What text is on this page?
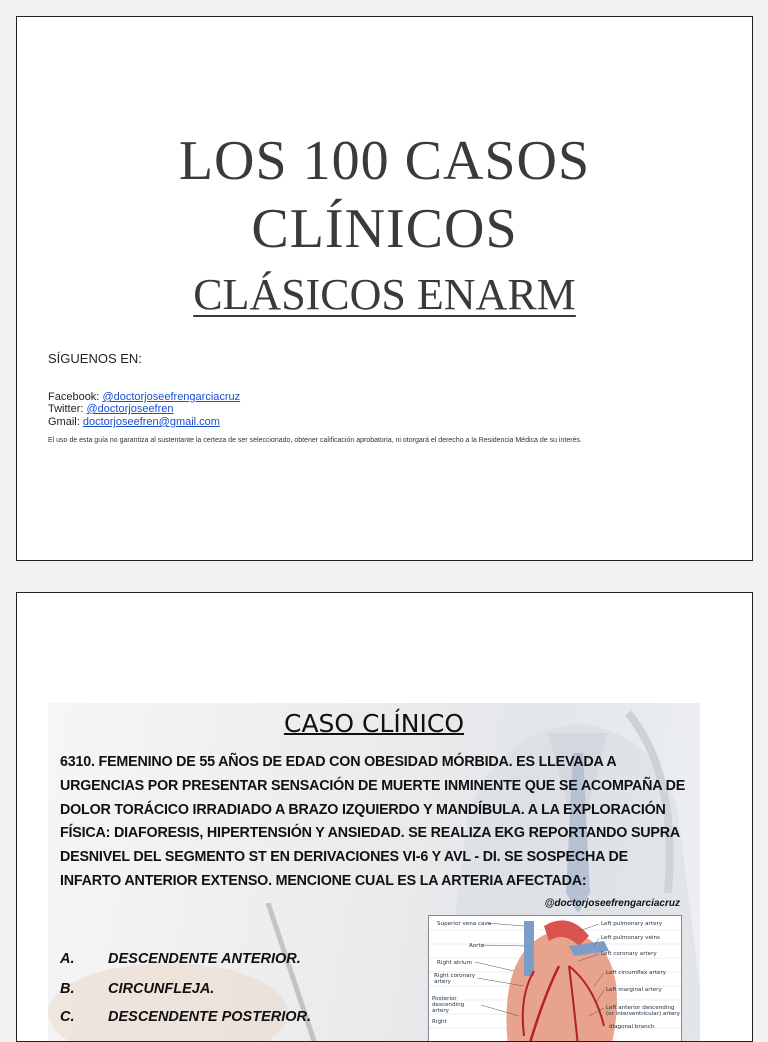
LOS 100 CASOS
CLÍNICOS
CLÁSICOS ENARM

SÍGUENOS EN:

Facebook: @doctorjoseefrengarciacruz

Twitter: @doctorjoseefren

Gmail: doctorjoseefren@gmail.com

El uso de esta guía no garantiza al sustentante la certeza de ser seleccionado, obtener calificación aprobatoria, ni otorgará el derecho a la Residencia Médica de su interés.

CASO CLÍNICO

6310. FEMENINO DE 55 AÑOS DE EDAD CON OBESIDAD MÓRBIDA. ES LLEVADA A URGENCIAS POR PRESENTAR SENSACIÓN DE MUERTE INMINENTE QUE SE ACOMPAÑA DE DOLOR TORÁCICO IRRADIADO A BRAZO IZQUIERDO Y MANDÍBULA. A LA EXPLORACIÓN FÍSICA: DIAFORESIS, HIPERTENSIÓN Y ANSIEDAD. SE REALIZA EKG REPORTANDO SUPRA DESNIVEL DEL SEGMENTO ST EN DERIVACIONES VI-6 Y AVL - DI. SE SOSPECHA DE INFARTO ANTERIOR EXTENSO. MENCIONE CUAL ES LA ARTERIA AFECTADA:

@doctorjoseefrengarciacruz

A. DESCENDENTE ANTERIOR.

B. CIRCUNFLEJA.

C. DESCENDENTE POSTERIOR.

Superior vena cava
Aorta
Right atrium
Right coronary artery
Posterior descending artery
Right
Left pulmonary artery
Left pulmonary veins
Left coronary artery
Left circumflex artery
Left marginal artery
Left anterior descending (or interventricular) artery
diagonal branch
